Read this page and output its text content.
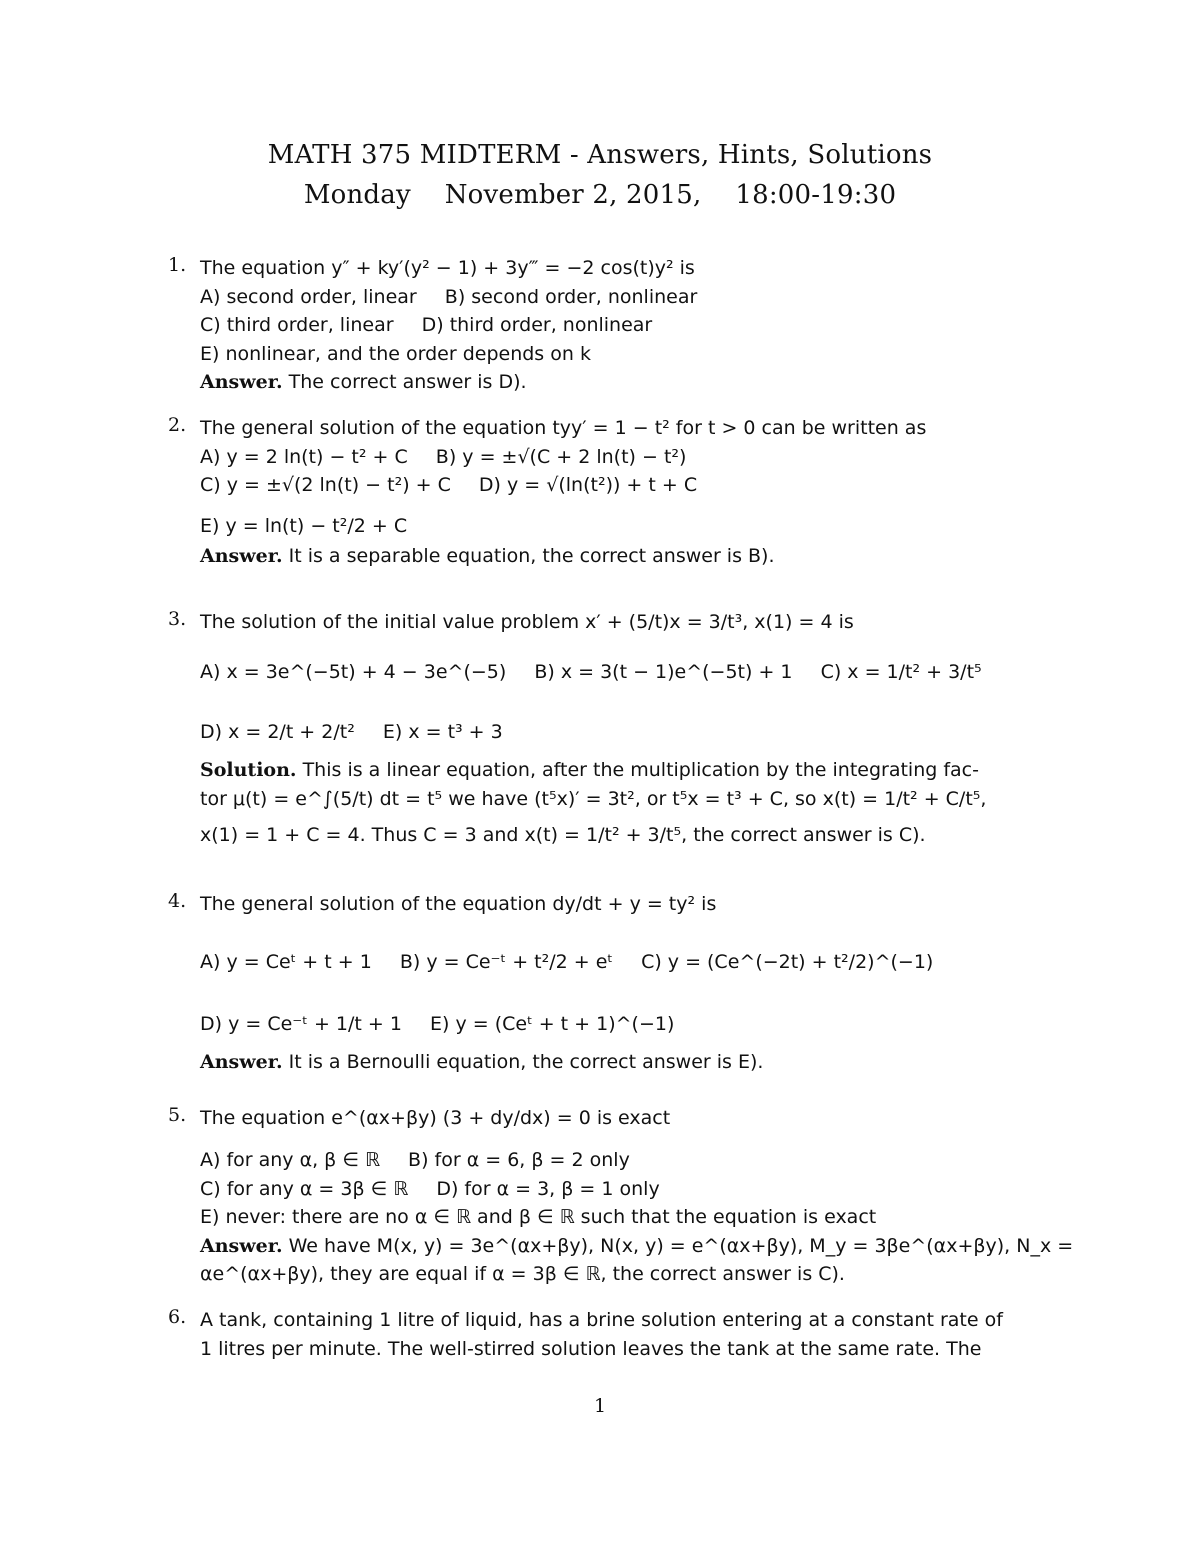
MATH 375 MIDTERM - Answers, Hints, Solutions
Monday    November 2, 2015,    18:00-19:30
1. The equation y″ + ky′(y² − 1) + 3y‴ = −2 cos(t)y² is
A) second order, linear B) second order, nonlinear
C) third order, linear D) third order, nonlinear
E) nonlinear, and the order depends on k
Answer. The correct answer is D).
2. The general solution of the equation tyy′ = 1 − t² for t > 0 can be written as
A) y = 2 ln(t) − t² + C B) y = ±√(C + 2 ln(t) − t²)
C) y = ±√(2 ln(t) − t²) + C D) y = √(ln(t²)) + t + C
E) y = ln(t) − t²/2 + C
Answer. It is a separable equation, the correct answer is B).
3. The solution of the initial value problem x′ + (5/t)x = 3/t³, x(1) = 4 is
A) x = 3e^(−5t) + 4 − 3e^(−5) B) x = 3(t − 1)e^(−5t) + 1 C) x = 1/t² + 3/t⁵
D) x = 2/t + 2/t² E) x = t³ + 3
Solution. This is a linear equation, after the multiplication by the integrating fac-
tor μ(t) = e^∫(5/t) dt = t⁵ we have (t⁵x)′ = 3t², or t⁵x = t³ + C, so x(t) = 1/t² + C/t⁵,
x(1) = 1 + C = 4. Thus C = 3 and x(t) = 1/t² + 3/t⁵, the correct answer is C).
4. The general solution of the equation dy/dt + y = ty² is
A) y = Ceᵗ + t + 1 B) y = Ce⁻ᵗ + t²/2 + eᵗ C) y = (Ce^(−2t) + t²/2)^(−1)
D) y = Ce⁻ᵗ + 1/t + 1 E) y = (Ceᵗ + t + 1)^(−1)
Answer. It is a Bernoulli equation, the correct answer is E).
5. The equation e^(αx+βy) (3 + dy/dx) = 0 is exact
A) for any α, β ∈ ℝ B) for α = 6, β = 2 only
C) for any α = 3β ∈ ℝ D) for α = 3, β = 1 only
E) never: there are no α ∈ ℝ and β ∈ ℝ such that the equation is exact
Answer. We have M(x, y) = 3e^(αx+βy), N(x, y) = e^(αx+βy), M_y = 3βe^(αx+βy), N_x =
αe^(αx+βy), they are equal if α = 3β ∈ ℝ, the correct answer is C).
6. A tank, containing 1 litre of liquid, has a brine solution entering at a constant rate of
1 litres per minute. The well-stirred solution leaves the tank at the same rate. The
1
